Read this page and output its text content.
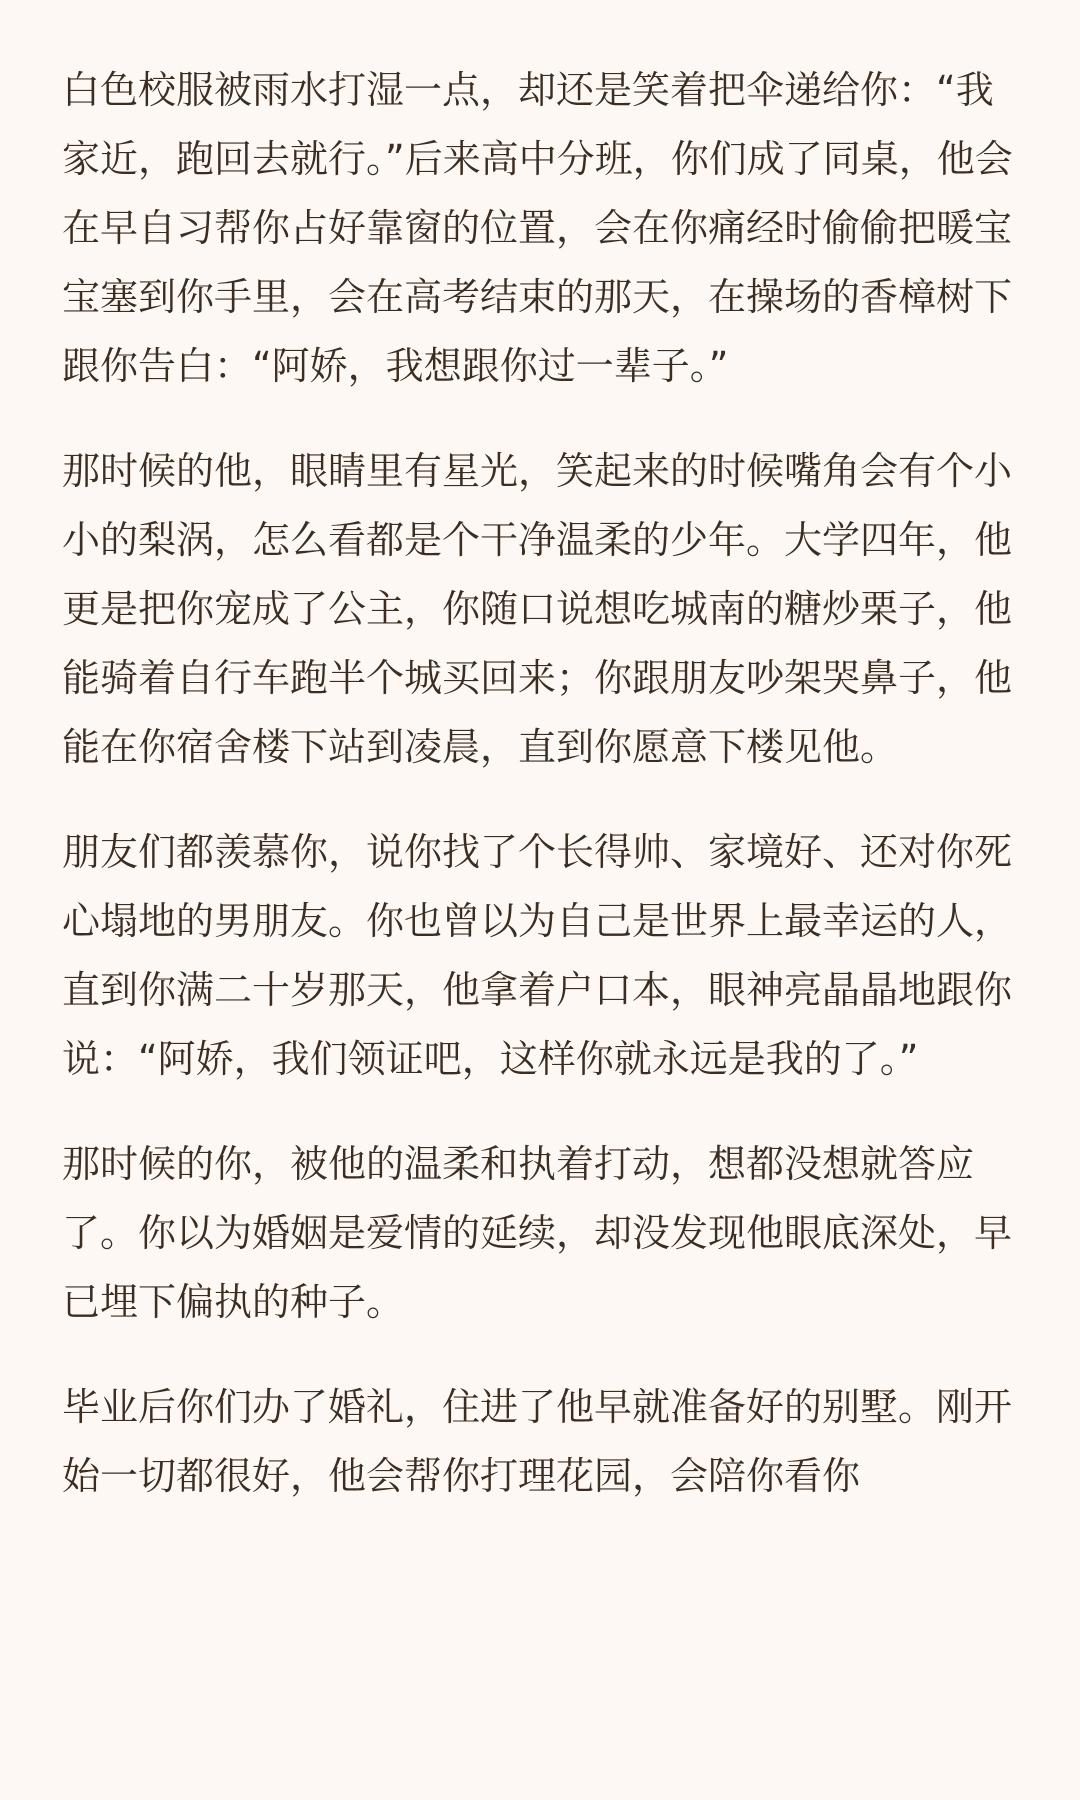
白色校服被雨水打湿一点，却还是笑着把伞递给你：“我家近，跑回去就行。”后来高中分班，你们成了同桌，他会在早自习帮你占好靠窗的位置，会在你痛经时偷偷把暖宝宝塞到你手里，会在高考结束的那天，在操场的香樟树下跟你告白：“阿娇，我想跟你过一辈子。”

那时候的他，眼睛里有星光，笑起来的时候嘴角会有个小小的梨涡，怎么看都是个干净温柔的少年。大学四年，他更是把你宠成了公主，你随口说想吃城南的糖炒栗子，他能骑着自行车跑半个城买回来；你跟朋友吵架哭鼻子，他能在你宿舍楼下站到凌晨，直到你愿意下楼见他。

朋友们都羡慕你，说你找了个长得帅、家境好、还对你死心塌地的男朋友。你也曾以为自己是世界上最幸运的人，直到你满二十岁那天，他拿着户口本，眼神亮晶晶地跟你说：“阿娇，我们领证吧，这样你就永远是我的了。”

那时候的你，被他的温柔和执着打动，想都没想就答应了。你以为婚姻是爱情的延续，却没发现他眼底深处，早已埋下偏执的种子。

毕业后你们办了婚礼，住进了他早就准备好的别墅。刚开始一切都很好，他会帮你打理花园，会陪你看你
